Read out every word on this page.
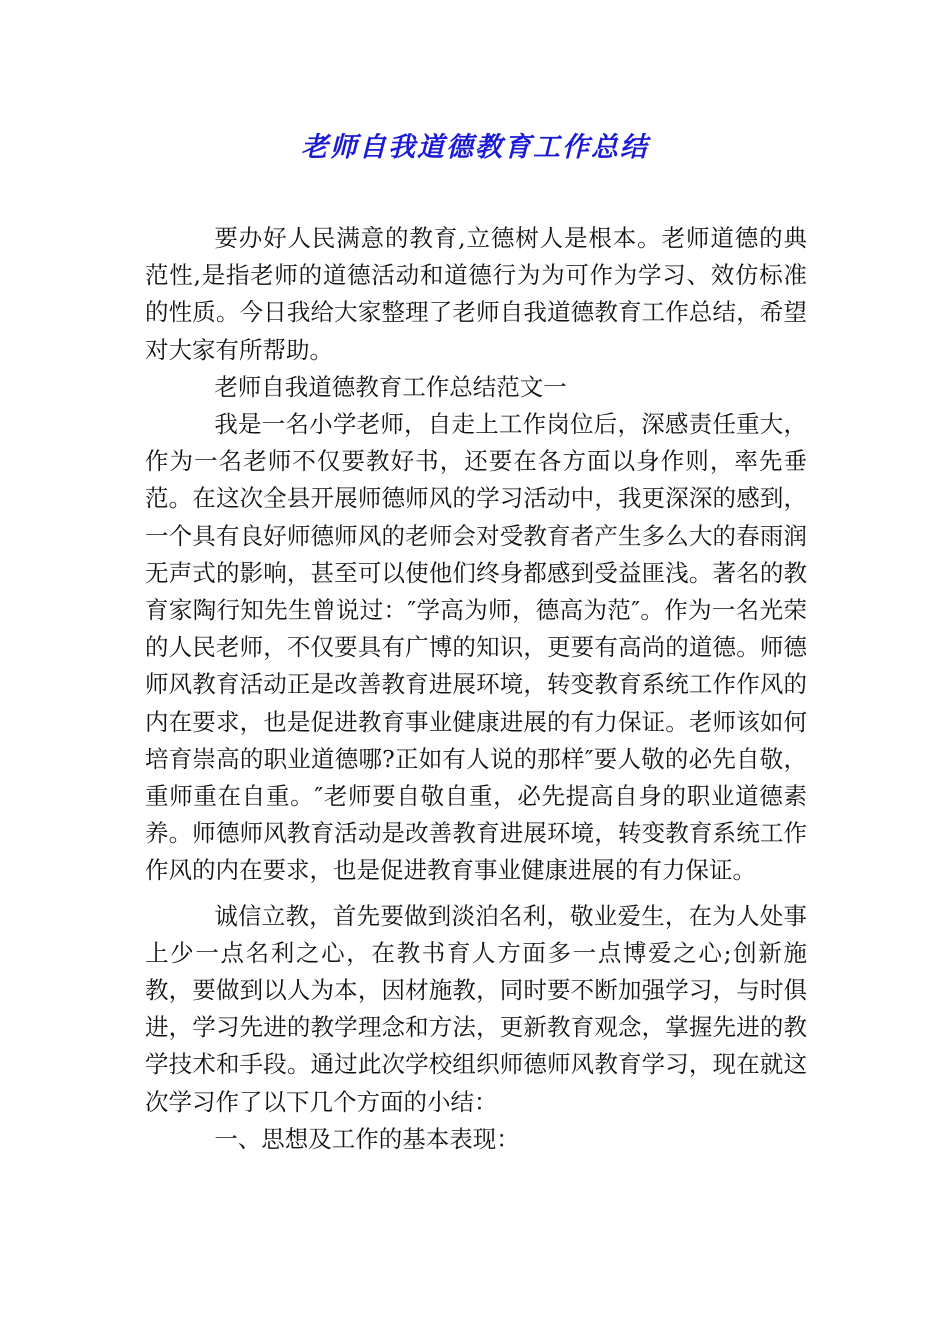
老师自我道德教育工作总结

要办好人民满意的教育,立德树人是根本。老师道德的典范性,是指老师的道德活动和道德行为为可作为学习、效仿标准的性质。今日我给大家整理了老师自我道德教育工作总结，希望对大家有所帮助。

老师自我道德教育工作总结范文一

我是一名小学老师，自走上工作岗位后，深感责任重大，作为一名老师不仅要教好书，还要在各方面以身作则，率先垂范。在这次全县开展师德师风的学习活动中，我更深深的感到，一个具有良好师德师风的老师会对受教育者产生多么大的春雨润无声式的影响，甚至可以使他们终身都感到受益匪浅。著名的教育家陶行知先生曾说过：″学高为师，德高为范″。作为一名光荣的人民老师，不仅要具有广博的知识，更要有高尚的道德。师德师风教育活动正是改善教育进展环境，转变教育系统工作作风的内在要求，也是促进教育事业健康进展的有力保证。老师该如何培育崇高的职业道德哪?正如有人说的那样″要人敬的必先自敬，重师重在自重。″老师要自敬自重，必先提高自身的职业道德素养。师德师风教育活动是改善教育进展环境，转变教育系统工作作风的内在要求，也是促进教育事业健康进展的有力保证。

诚信立教，首先要做到淡泊名利，敬业爱生，在为人处事上少一点名利之心，在教书育人方面多一点博爱之心;创新施教，要做到以人为本，因材施教，同时要不断加强学习，与时俱进，学习先进的教学理念和方法，更新教育观念，掌握先进的教学技术和手段。通过此次学校组织师德师风教育学习，现在就这次学习作了以下几个方面的小结：

一、思想及工作的基本表现：
